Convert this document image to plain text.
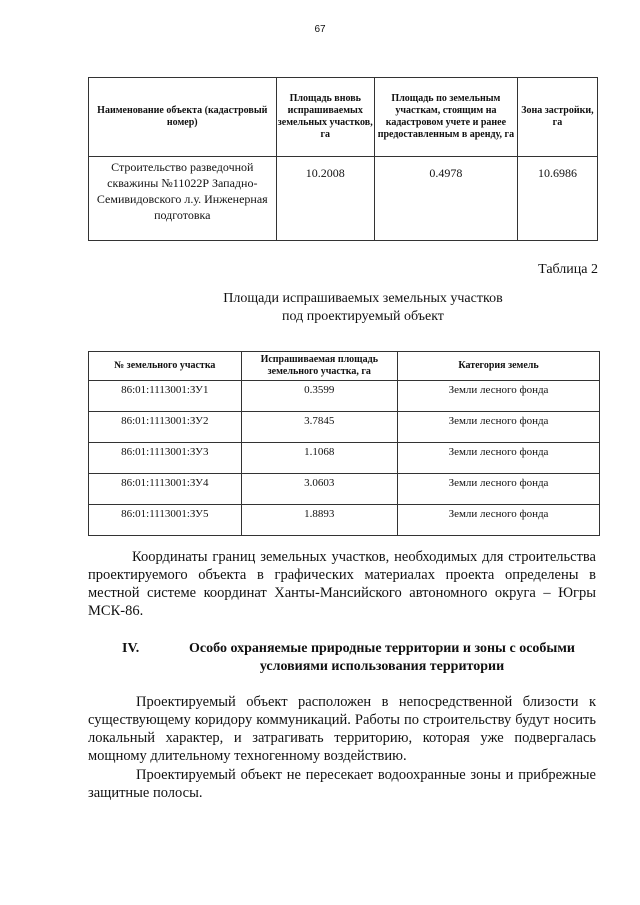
67
Наименование объекта (кадастровый номер)	Площадь вновь испрашиваемых земельных участков, га	Площадь по земельным участкам, стоящим на кадастровом учете и ранее предоставленным в аренду, га	Зона застройки, га
Строительство разведочной скважины №11022Р Западно-Семивидовского л.у. Инженерная подготовка	10.2008	0.4978	10.6986
Таблица 2
Площади испрашиваемых земельных участков
под проектируемый объект
№ земельного участка	Испрашиваемая площадь земельного участка, га	Категория земель
86:01:1113001:ЗУ1	0.3599	Земли лесного фонда
86:01:1113001:ЗУ2	3.7845	Земли лесного фонда
86:01:1113001:ЗУ3	1.1068	Земли лесного фонда
86:01:1113001:ЗУ4	3.0603	Земли лесного фонда
86:01:1113001:ЗУ5	1.8893	Земли лесного фонда

Координаты границ земельных участков, необходимых для строительства проектируемого объекта в графических материалах проекта определены в местной системе координат Ханты-Мансийского автономного округа – Югры МСК-86.

IV.	Особо охраняемые природные территории и зоны с особыми условиями использования территории

Проектируемый объект расположен в непосредственной близости к существующему коридору коммуникаций. Работы по строительству будут носить локальный характер, и затрагивать территорию, которая уже подвергалась мощному длительному техногенному воздействию.

Проектируемый объект не пересекает водоохранные зоны и прибрежные защитные полосы.
